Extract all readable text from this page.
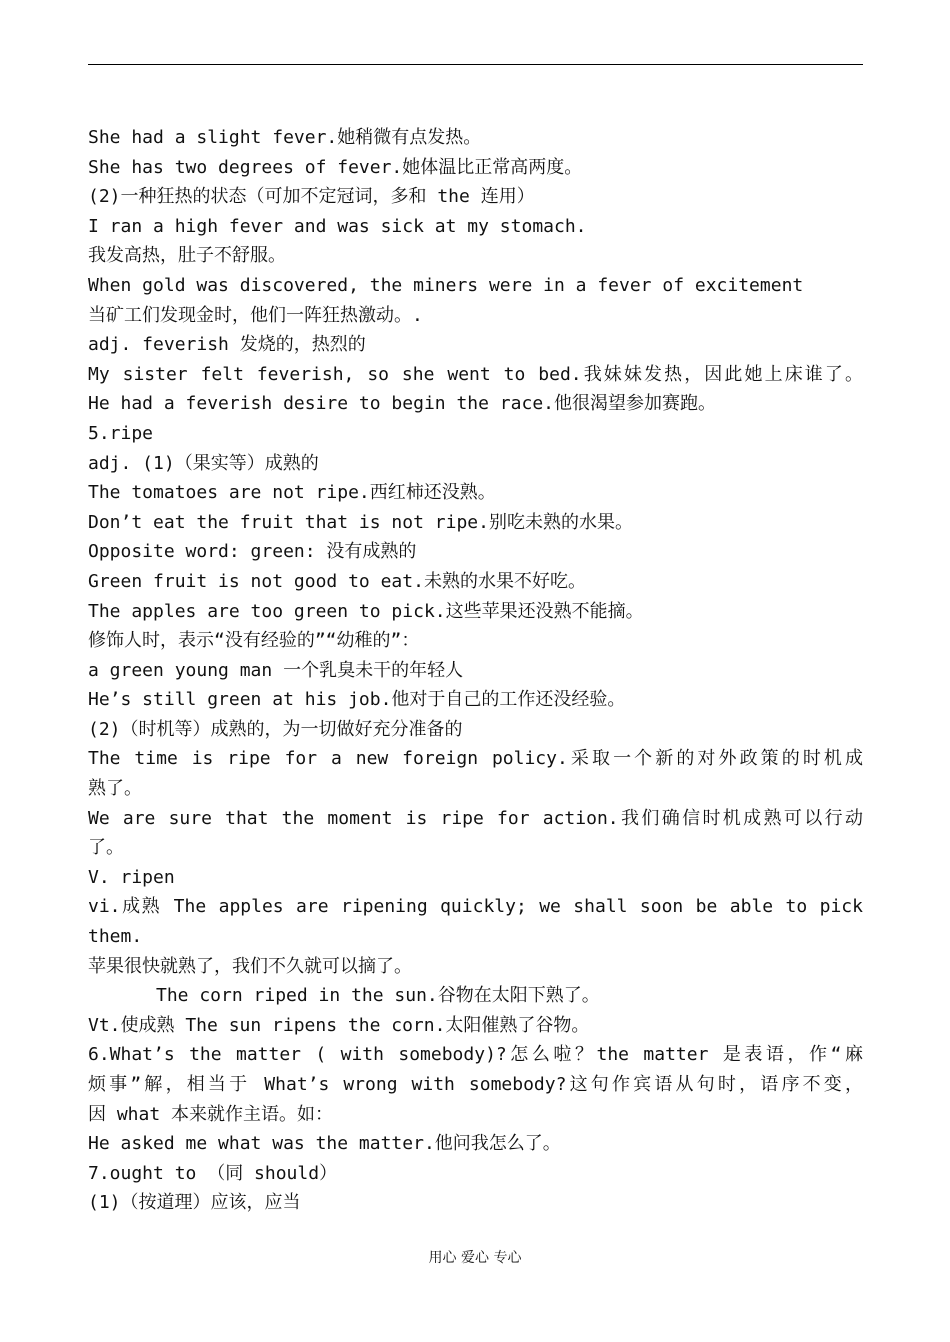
She had a slight fever.她稍微有点发热。
She has two degrees of fever.她体温比正常高两度。
(2)一种狂热的状态（可加不定冠词，多和 the 连用）
I ran a high fever and was sick at my stomach.
我发高热，肚子不舒服。
When gold was discovered, the miners were in a fever of excitement
当矿工们发现金时，他们一阵狂热激动。.
adj. feverish 发烧的，热烈的
My sister felt feverish, so she went to bed.我妹妹发热，因此她上床谁了。
He had a feverish desire to begin the race.他很渴望参加赛跑。
5.ripe
adj. (1)（果实等）成熟的
The tomatoes are not ripe.西红柿还没熟。
Don’t eat the fruit that is not ripe.别吃未熟的水果。
Opposite word: green: 没有成熟的
Green fruit is not good to eat.未熟的水果不好吃。
The apples are too green to pick.这些苹果还没熟不能摘。
修饰人时，表示“没有经验的”“幼稚的”：
a green young man 一个乳臭未干的年轻人
He’s still green at his job.他对于自己的工作还没经验。
(2)（时机等）成熟的，为一切做好充分准备的
The time is ripe for a new foreign policy.采取一个新的对外政策的时机成
熟了。
We are sure that the moment is ripe for action.我们确信时机成熟可以行动
了。
V. ripen
vi.成熟 The apples are ripening quickly; we shall soon be able to pick
them.
苹果很快就熟了，我们不久就可以摘了。
The corn riped in the sun.谷物在太阳下熟了。
Vt.使成熟 The sun ripens the corn.太阳催熟了谷物。
6.What’s the matter ( with somebody)?怎么啦？the matter 是表语，作“麻
烦事”解，相当于 What’s wrong with somebody?这句作宾语从句时，语序不变，
因 what 本来就作主语。如：
He asked me what was the matter.他问我怎么了。
7.ought to （同 should）
(1)（按道理）应该，应当
用心 爱心 专心
